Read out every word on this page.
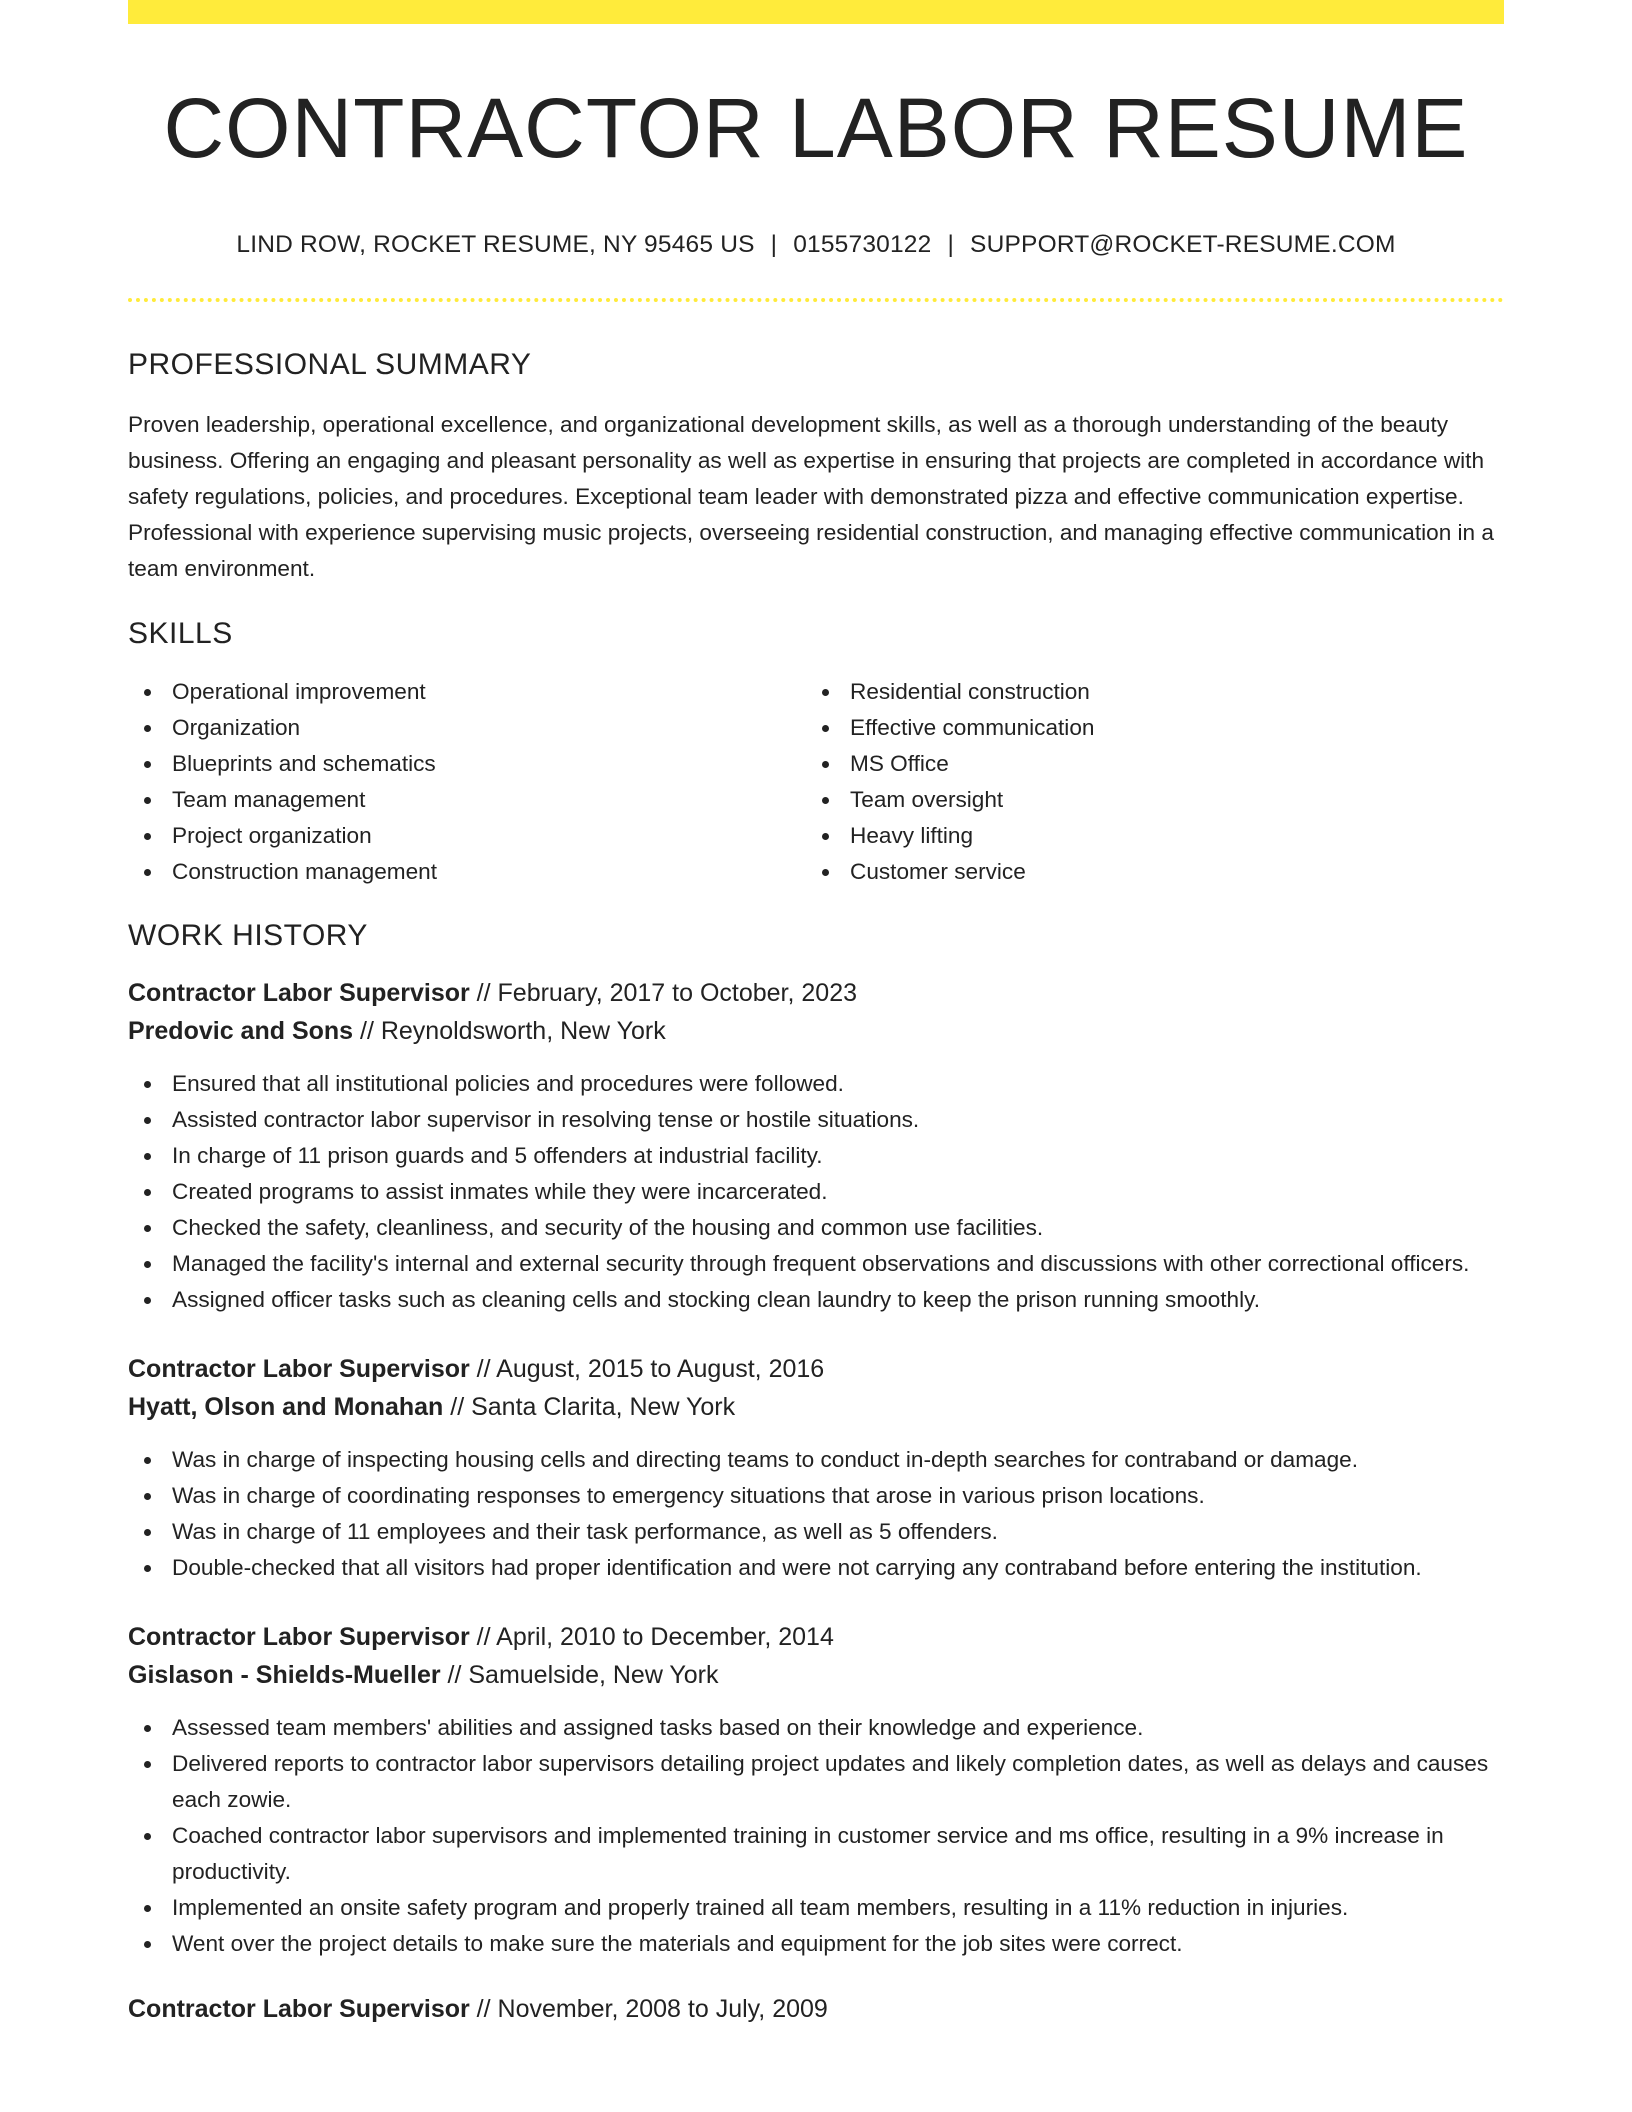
CONTRACTOR LABOR RESUME
LIND ROW, ROCKET RESUME, NY 95465 US | 0155730122 | SUPPORT@ROCKET-RESUME.COM
PROFESSIONAL SUMMARY

Proven leadership, operational excellence, and organizational development skills, as well as a thorough understanding of the beauty business. Offering an engaging and pleasant personality as well as expertise in ensuring that projects are completed in accordance with safety regulations, policies, and procedures. Exceptional team leader with demonstrated pizza and effective communication expertise. Professional with experience supervising music projects, overseeing residential construction, and managing effective communication in a team environment.

SKILLS
Operational improvement
Organization
Blueprints and schematics
Team management
Project organization
Construction management
Residential construction
Effective communication
MS Office
Team oversight
Heavy lifting
Customer service
WORK HISTORY
Contractor Labor Supervisor // February, 2017 to October, 2023
Predovic and Sons // Reynoldsworth, New York
Ensured that all institutional policies and procedures were followed.
Assisted contractor labor supervisor in resolving tense or hostile situations.
In charge of 11 prison guards and 5 offenders at industrial facility.
Created programs to assist inmates while they were incarcerated.
Checked the safety, cleanliness, and security of the housing and common use facilities.
Managed the facility's internal and external security through frequent observations and discussions with other correctional officers.
Assigned officer tasks such as cleaning cells and stocking clean laundry to keep the prison running smoothly.
Contractor Labor Supervisor // August, 2015 to August, 2016
Hyatt, Olson and Monahan // Santa Clarita, New York
Was in charge of inspecting housing cells and directing teams to conduct in-depth searches for contraband or damage.
Was in charge of coordinating responses to emergency situations that arose in various prison locations.
Was in charge of 11 employees and their task performance, as well as 5 offenders.
Double-checked that all visitors had proper identification and were not carrying any contraband before entering the institution.
Contractor Labor Supervisor // April, 2010 to December, 2014
Gislason - Shields-Mueller // Samuelside, New York
Assessed team members' abilities and assigned tasks based on their knowledge and experience.
Delivered reports to contractor labor supervisors detailing project updates and likely completion dates, as well as delays and causes each zowie.
Coached contractor labor supervisors and implemented training in customer service and ms office, resulting in a 9% increase in productivity.
Implemented an onsite safety program and properly trained all team members, resulting in a 11% reduction in injuries.
Went over the project details to make sure the materials and equipment for the job sites were correct.
Contractor Labor Supervisor // November, 2008 to July, 2009
